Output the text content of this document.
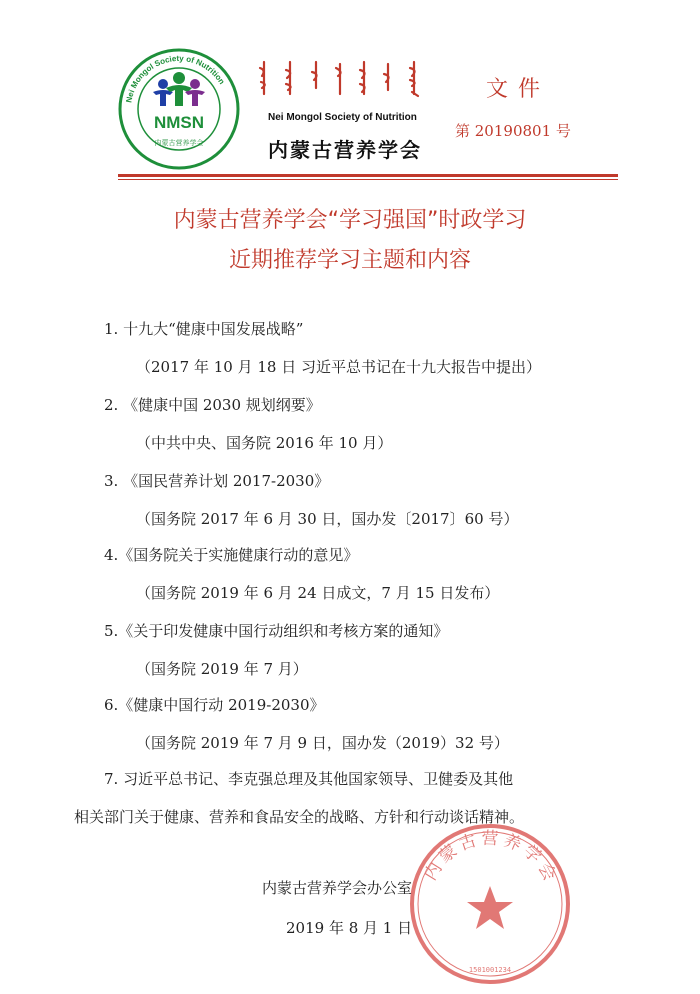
Nei Mongol Society of Nutrition
NMSN
内蒙古营养学会
Nei Mongol Society of Nutrition
内蒙古营养学会
文件
第 20190801 号
内蒙古营养学会“学习强国”时政学习
近期推荐学习主题和内容
1. 十九大“健康中国发展战略”
（2017 年 10 月 18 日 习近平总书记在十九大报告中提出）
2. 《健康中国 2030 规划纲要》
（中共中央、国务院 2016 年 10 月）
3. 《国民营养计划 2017-2030》
（国务院 2017 年 6 月 30 日，国办发〔2017〕60 号）
4.《国务院关于实施健康行动的意见》
（国务院 2019 年 6 月 24 日成文，7 月 15 日发布）
5.《关于印发健康中国行动组织和考核方案的通知》
（国务院 2019 年 7 月）
6.《健康中国行动 2019-2030》
（国务院 2019 年 7 月 9 日，国办发（2019）32 号）
7. 习近平总书记、李克强总理及其他国家领导、卫健委及其他
相关部门关于健康、营养和食品安全的战略、方针和行动谈话精神。
内蒙古营养学会
1501001234
内蒙古营养学会办公室
2019 年 8 月 1 日
